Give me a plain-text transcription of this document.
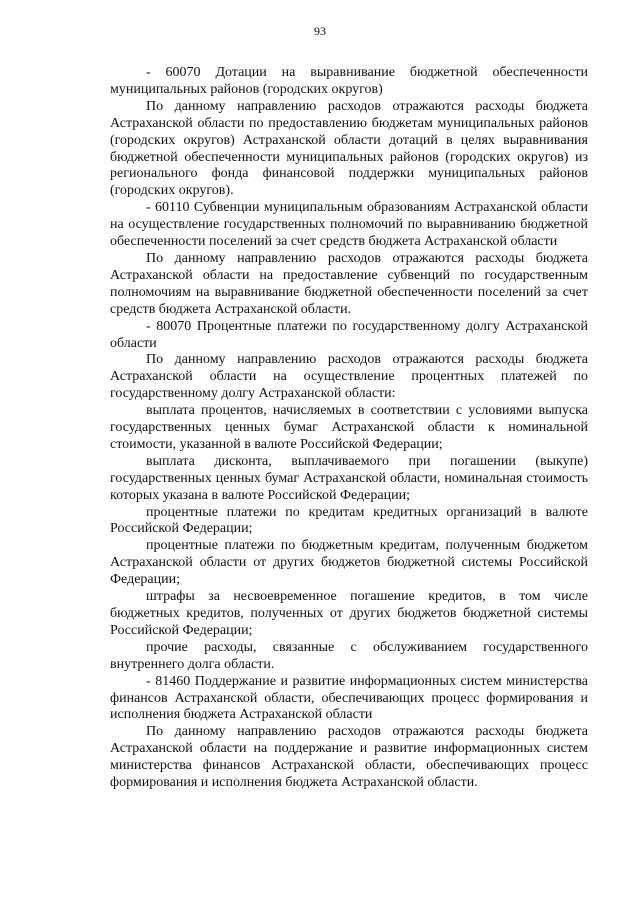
93

- 60070 Дотации на выравнивание бюджетной обеспеченности муниципальных районов (городских округов)

По данному направлению расходов отражаются расходы бюджета Астраханской области по предоставлению бюджетам муниципальных районов (городских округов) Астраханской области дотаций в целях выравнивания бюджетной обеспеченности муниципальных районов (городских округов) из регионального фонда финансовой поддержки муниципальных районов (городских округов).

- 60110 Субвенции муниципальным образованиям Астраханской области на осуществление государственных полномочий по выравниванию бюджетной обеспеченности поселений за счет средств бюджета Астраханской области

По данному направлению расходов отражаются расходы бюджета Астраханской области на предоставление субвенций по государственным полномочиям на выравнивание бюджетной обеспеченности поселений за счет средств бюджета Астраханской области.

- 80070 Процентные платежи по государственному долгу Астраханской области

По данному направлению расходов отражаются расходы бюджета Астраханской области на осуществление процентных платежей по государственному долгу Астраханской области:

выплата процентов, начисляемых в соответствии с условиями выпуска государственных ценных бумаг Астраханской области к номинальной стоимости, указанной в валюте Российской Федерации;

выплата дисконта, выплачиваемого при погашении (выкупе) государственных ценных бумаг Астраханской области, номинальная стоимость которых указана в валюте Российской Федерации;

процентные платежи по кредитам кредитных организаций в валюте Российской Федерации;

процентные платежи по бюджетным кредитам, полученным бюджетом Астраханской области от других бюджетов бюджетной системы Российской Федерации;

штрафы за несвоевременное погашение кредитов, в том числе бюджетных кредитов, полученных от других бюджетов бюджетной системы Российской Федерации;

прочие расходы, связанные с обслуживанием государственного внутреннего долга области.

- 81460 Поддержание и развитие информационных систем министерства финансов Астраханской области, обеспечивающих процесс формирования и исполнения бюджета Астраханской области

По данному направлению расходов отражаются расходы бюджета Астраханской области на поддержание и развитие информационных систем министерства финансов Астраханской области, обеспечивающих процесс формирования и исполнения бюджета Астраханской области.
